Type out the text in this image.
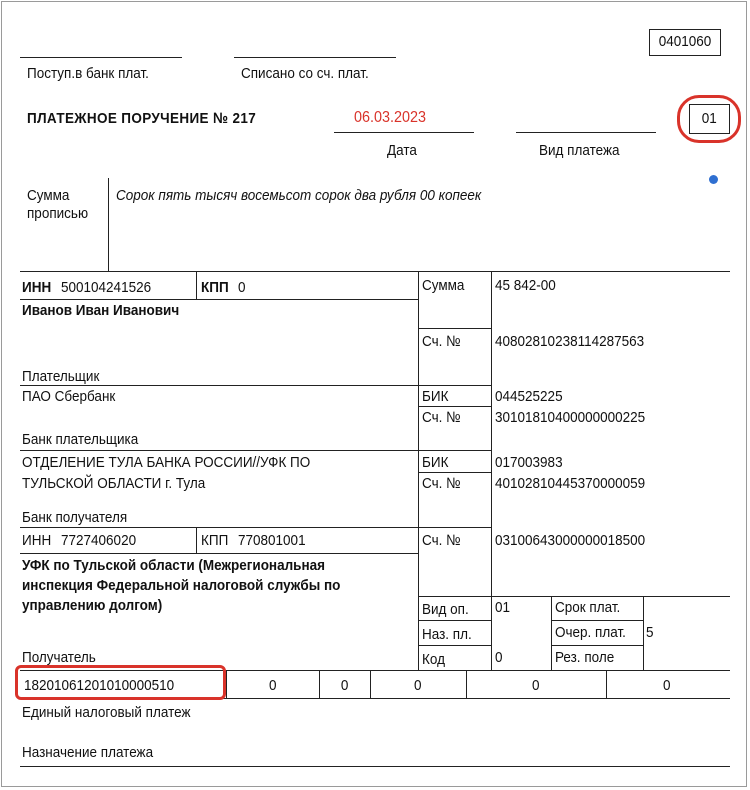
0401060
Поступ.в банк плат.	Списано со сч. плат.
ПЛАТЕЖНОЕ ПОРУЧЕНИЕ № 217	06.03.2023
Дата	Вид платежа
01
Сумма
прописью
Сорок пять тысяч восемьсот сорок два рубля 00 копеек
ИНН 500104241526	КПП 0
Иванов Иван Иванович
Плательщик
Сумма 45 842-00
Сч. № 40802810238114287563
ПАО Сбербанк
Банк плательщика
БИК	044525225
Сч. № 30101810400000000225
ОТДЕЛЕНИЕ ТУЛА БАНКА РОССИИ//УФК ПО
ТУЛЬСКОЙ ОБЛАСТИ г. Тула
Банк получателя
БИК	017003983
Сч. № 40102810445370000059
ИНН 7727406020	КПП 770801001	Сч. № 03100643000000018500
УФК по Тульской области (Межрегиональная
инспекция Федеральной налоговой службы по
управлению долгом)
Получатель
Вид оп. 01	Срок плат.
Наз. пл.	Очер. плат. 5
Код	0	Рез. поле
18201061201010000510	0	0	0	0	0
Единый налоговый платеж
Назначение платежа
